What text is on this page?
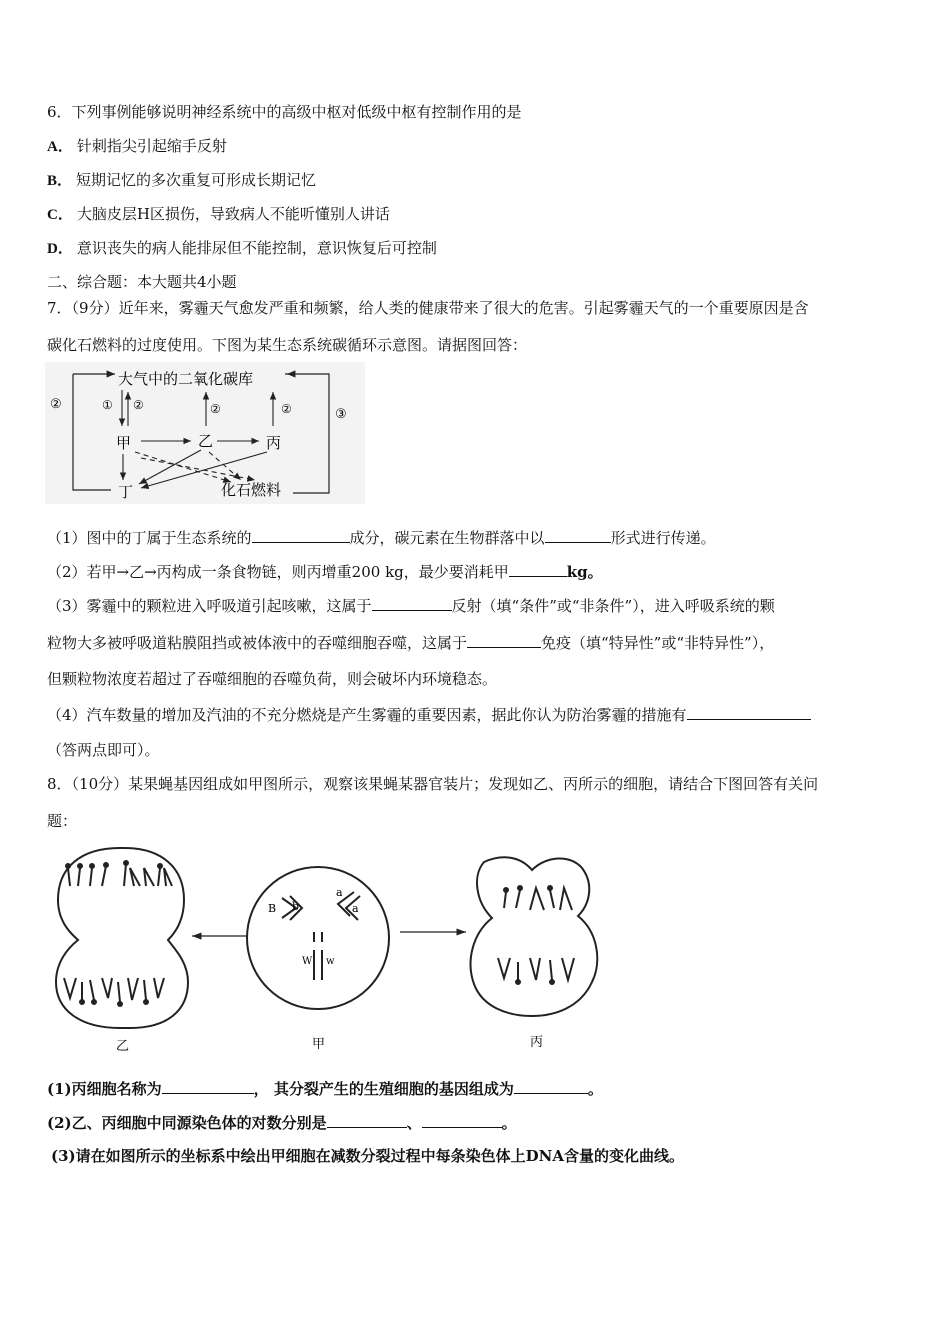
6．下列事例能够说明神经系统中的高级中枢对低级中枢有控制作用的是
A． 针刺指尖引起缩手反射
B． 短期记忆的多次重复可形成长期记忆
C． 大脑皮层H区损伤，导致病人不能听懂别人讲话
D． 意识丧失的病人能排尿但不能控制，意识恢复后可控制
二、综合题：本大题共4小题
7．（9分）近年来，雾霾天气愈发严重和频繁，给人类的健康带来了很大的危害。引起雾霾天气的一个重要原因是含
碳化石燃料的过度使用。下图为某生态系统碳循环示意图。请据图回答：
大气中的二氧化碳库
②
③
① ②	②	②
甲	乙	丙
丁	化石燃料
（1）图中的丁属于生态系统的	成分，碳元素在生物群落中以	形式进行传递。
（2）若甲→乙→丙构成一条食物链，则丙增重200 kg，最少要消耗甲	kg。
（3）雾霾中的颗粒进入呼吸道引起咳嗽，这属于	反射（填“条件”或“非条件”），进入呼吸系统的颗
粒物大多被呼吸道粘膜阻挡或被体液中的吞噬细胞吞噬，这属于	免疫（填“特异性”或“非特异性”），
但颗粒物浓度若超过了吞噬细胞的吞噬负荷，则会破坏内环境稳态。
（4）汽车数量的增加及汽油的不充分燃烧是产生雾霾的重要因素，据此你认为防治雾霾的措施有
（答两点即可）。
8．（10分）某果蝇基因组成如甲图所示，观察该果蝇某器官装片；发现如乙、丙所示的细胞，请结合下图回答有关问
题：
B b
a
a
W w
乙	甲	丙
(1)丙细胞名称为	， 其分裂产生的生殖细胞的基因组成为	。
(2)乙、丙细胞中同源染色体的对数分别是	、	。
(3)请在如图所示的坐标系中绘出甲细胞在减数分裂过程中每条染色体上DNA含量的变化曲线。
